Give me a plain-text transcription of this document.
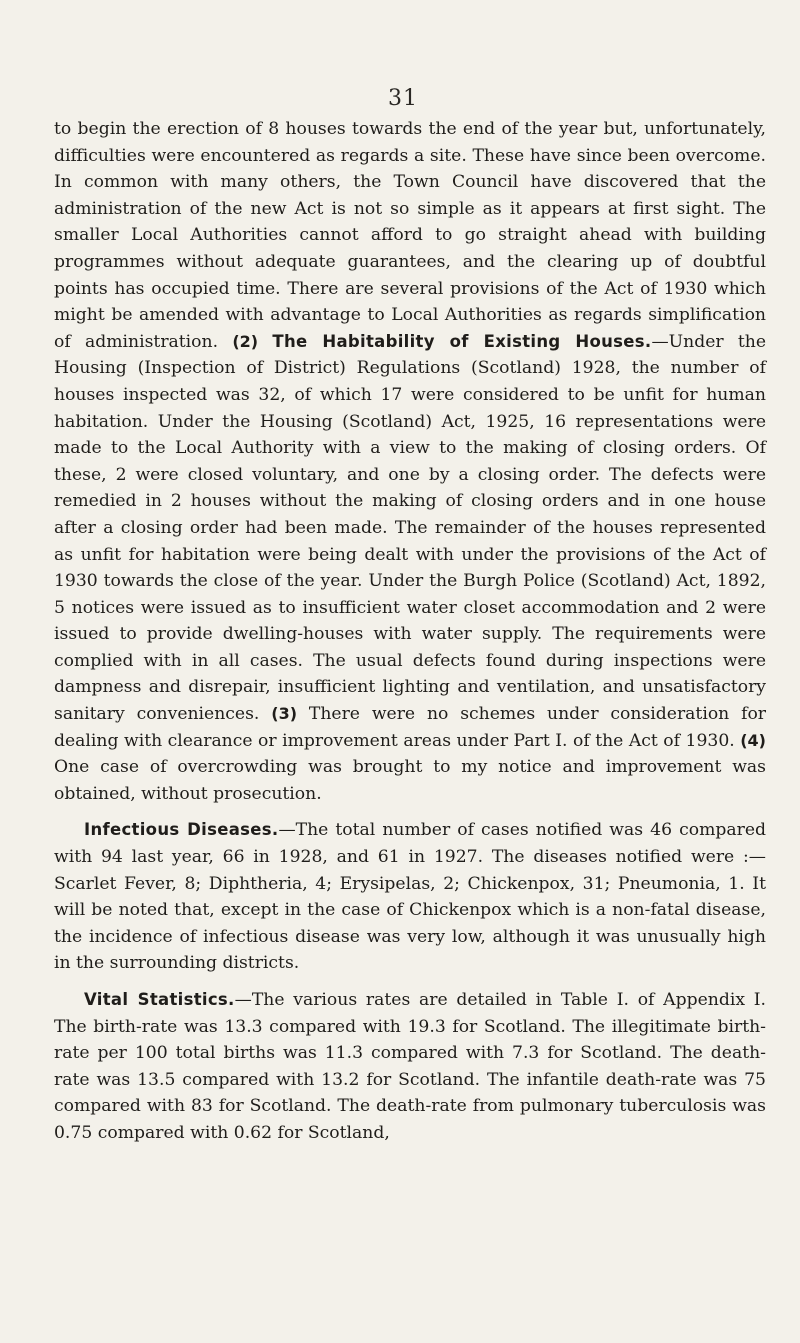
31

to begin the erection of 8 houses towards the end of the year but, unfortunately, difficulties were encountered as regards a site. These have since been overcome. In common with many others, the Town Council have discovered that the administration of the new Act is not so simple as it appears at first sight. The smaller Local Authorities cannot afford to go straight ahead with building programmes without adequate guarantees, and the clearing up of doubtful points has occupied time. There are several provisions of the Act of 1930 which might be amended with advantage to Local Authorities as regards simplification of administration. (2) The Habitability of Existing Houses.—Under the Housing (Inspection of District) Regulations (Scotland) 1928, the number of houses inspected was 32, of which 17 were considered to be unfit for human habitation. Under the Housing (Scotland) Act, 1925, 16 representations were made to the Local Authority with a view to the making of closing orders. Of these, 2 were closed voluntary, and one by a closing order. The defects were remedied in 2 houses without the making of closing orders and in one house after a closing order had been made. The remainder of the houses represented as unfit for habitation were being dealt with under the provisions of the Act of 1930 towards the close of the year. Under the Burgh Police (Scotland) Act, 1892, 5 notices were issued as to insufficient water closet accommodation and 2 were issued to provide dwelling-houses with water supply. The requirements were complied with in all cases. The usual defects found during inspections were dampness and disrepair, insufficient lighting and ventilation, and unsatisfactory sanitary conveniences. (3) There were no schemes under consideration for dealing with clearance or improvement areas under Part I. of the Act of 1930. (4) One case of overcrowding was brought to my notice and improvement was obtained, without prosecution.

Infectious Diseases.—The total number of cases notified was 46 compared with 94 last year, 66 in 1928, and 61 in 1927. The diseases notified were :—Scarlet Fever, 8; Diphtheria, 4; Erysipelas, 2; Chickenpox, 31; Pneumonia, 1. It will be noted that, except in the case of Chickenpox which is a non-fatal disease, the incidence of infectious disease was very low, although it was unusually high in the surrounding districts.

Vital Statistics.—The various rates are detailed in Table I. of Appendix I. The birth-rate was 13.3 compared with 19.3 for Scotland. The illegitimate birth-rate per 100 total births was 11.3 compared with 7.3 for Scotland. The death-rate was 13.5 compared with 13.2 for Scotland. The infantile death-rate was 75 compared with 83 for Scotland. The death-rate from pulmonary tuberculosis was 0.75 compared with 0.62 for Scotland,
